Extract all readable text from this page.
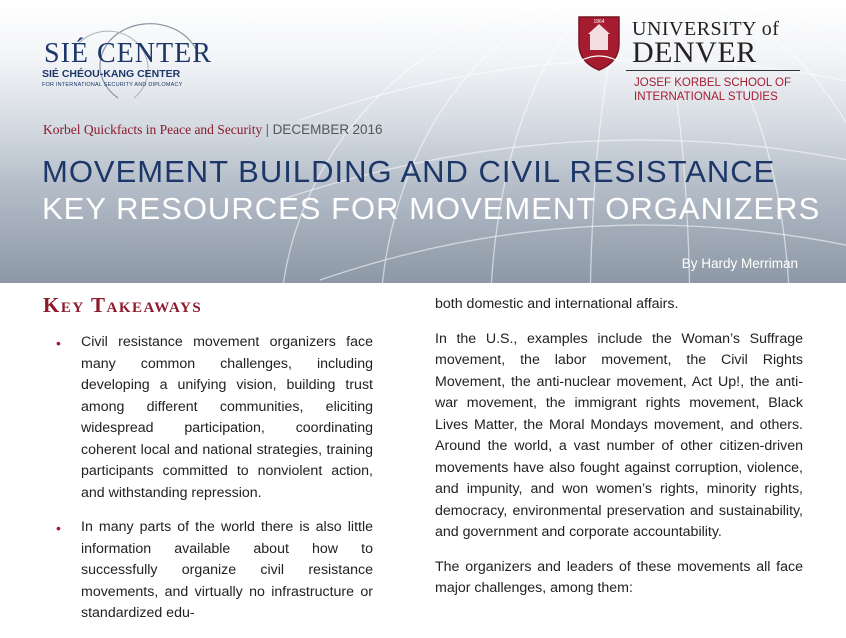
SIÉ CENTER
SIÉ CHÉOU-KANG CENTER
FOR INTERNATIONAL SECURITY AND DIPLOMACY
1864 UNIVERSITY of
DENVER
JOSEF KORBEL SCHOOL OF
INTERNATIONAL STUDIES
Korbel Quickfacts in Peace and Security | DECEMBER 2016
MOVEMENT BUILDING AND CIVIL RESISTANCE
KEY RESOURCES FOR MOVEMENT ORGANIZERS
By Hardy Merriman
Key Takeaways
• Civil resistance movement organizers face many common challenges, including developing a unifying vision, building trust among different communities, eliciting widespread participation, coordinating coherent local and national strategies, training participants committed to nonviolent action, and withstanding repression.
• In many parts of the world there is also little information available about how to successfully organize civil resistance movements, and virtually no infrastructure or standardized edu-

both domestic and international affairs.

In the U.S., examples include the Woman’s Suffrage movement, the labor movement, the Civil Rights Movement, the anti-nuclear movement, Act Up!, the anti-war movement, the immigrant rights movement, Black Lives Matter, the Moral Mondays movement, and others. Around the world, a vast number of other citizen-driven movements have also fought against corruption, violence, and impunity, and won women’s rights, minority rights, democracy, environmental preservation and sustainability, and government and corporate accountability.

The organizers and leaders of these movements all face major challenges, among them:
